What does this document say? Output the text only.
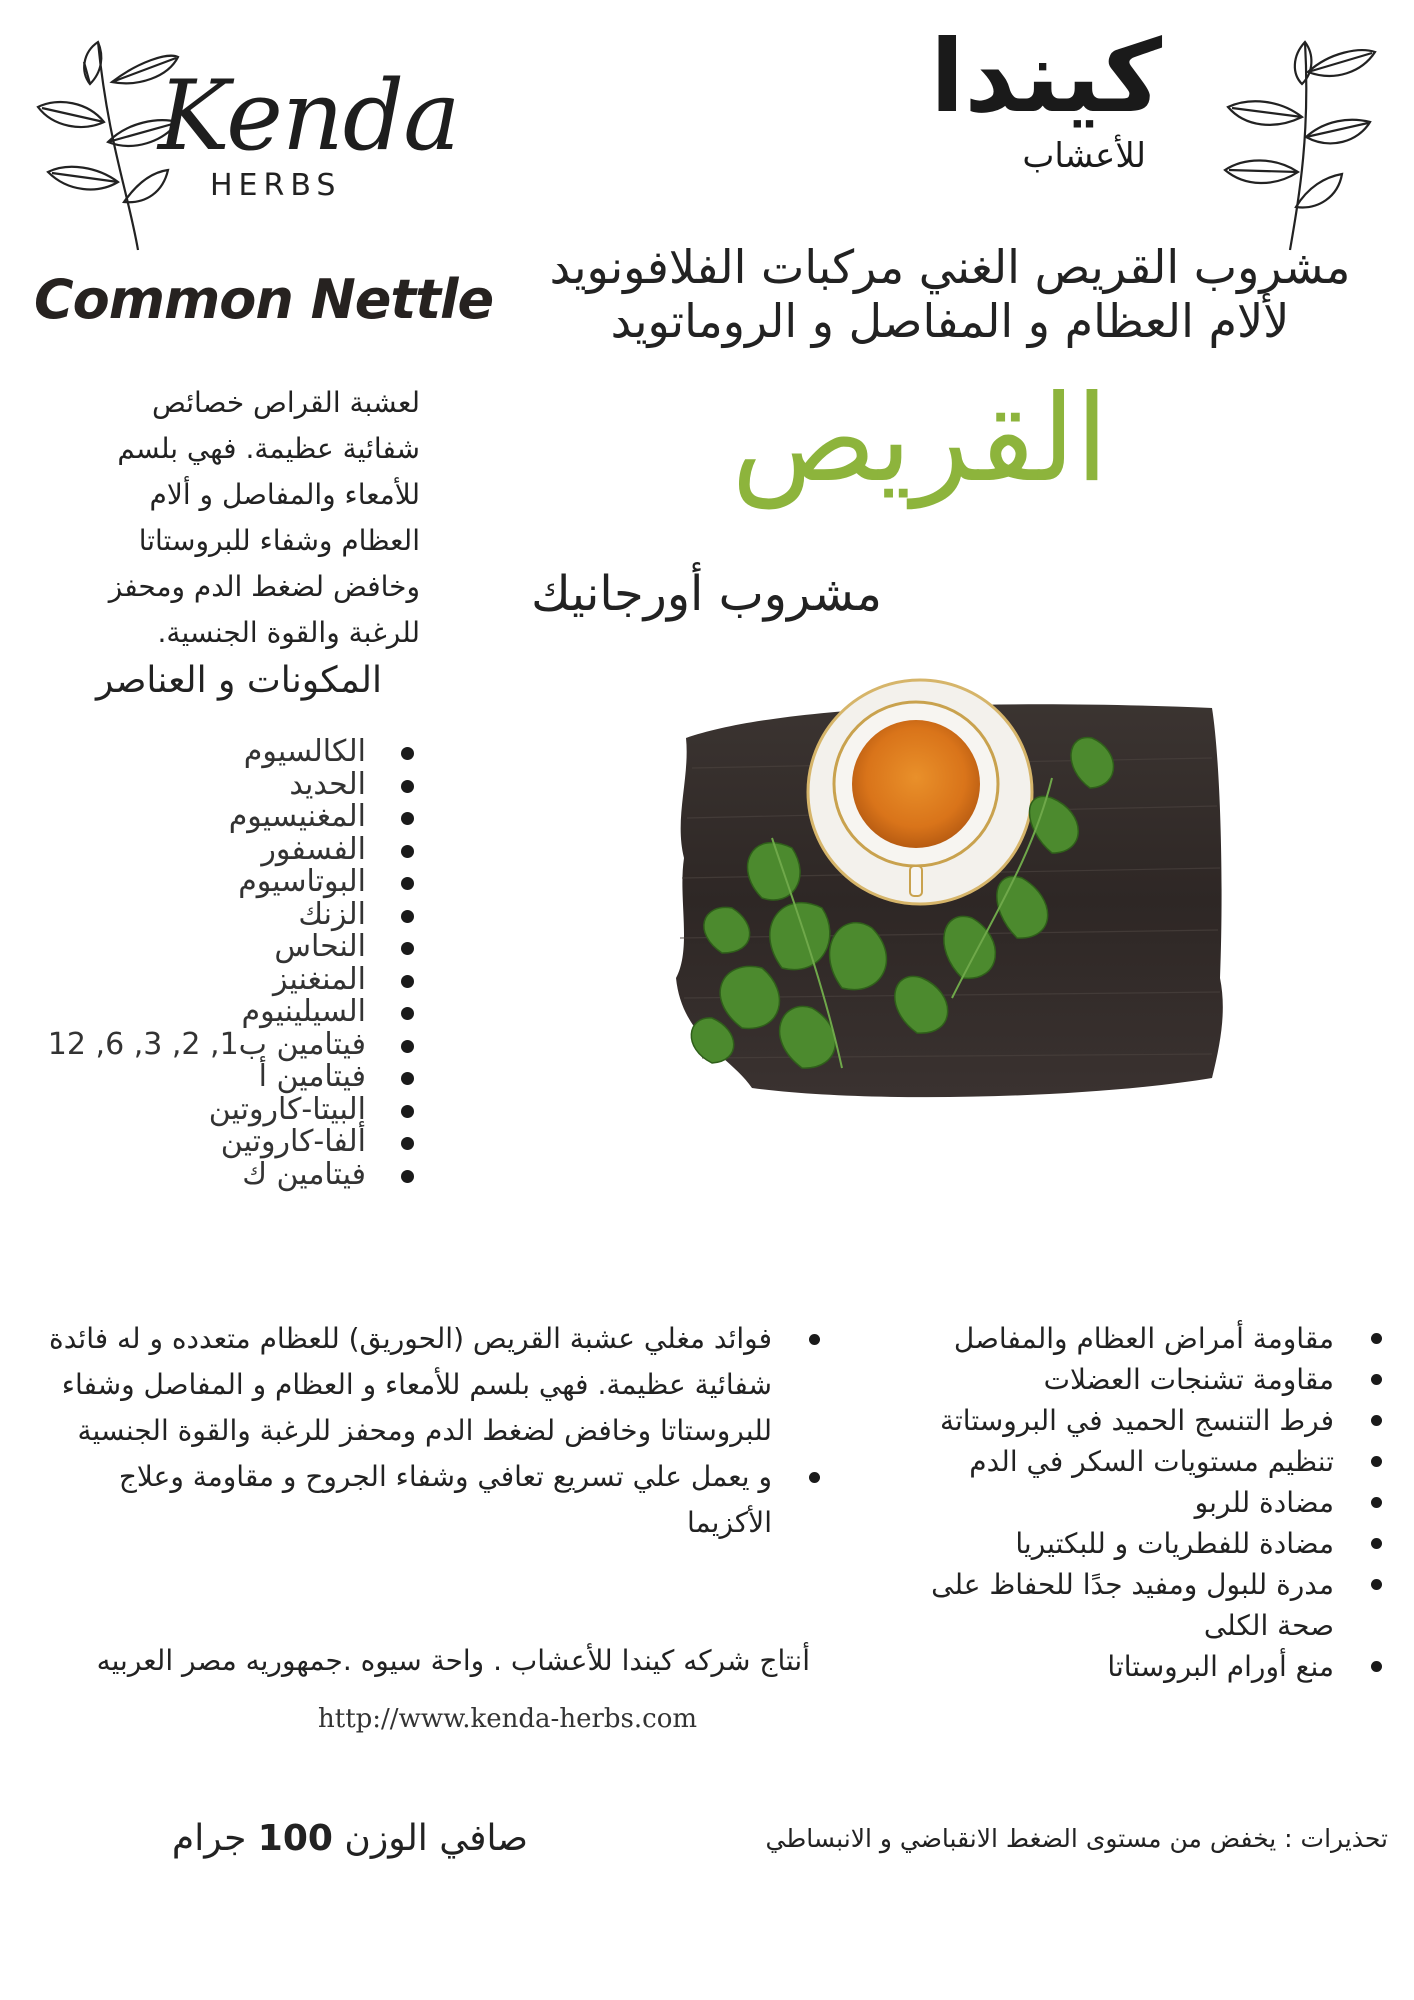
Kenda
HERBS
كيندا
للأعشاب
Common Nettle
مشروب القريص الغني مركبات الفلافونويد
لألام العظام و المفاصل و الروماتويد
القريص
مشروب أورجانيك
لعشبة القراص خصائص
شفائية عظيمة. فهي بلسم
للأمعاء والمفاصل و ألام
العظام وشفاء للبروستاتا
وخافض لضغط الدم ومحفز
للرغبة والقوة الجنسية.
المكونات و العناصر
الكالسيوم
الحديد
المغنيسيوم
الفسفور
البوتاسيوم
الزنك
النحاس
المنغنيز
السيلينيوم
فيتامين ب1, 2, 3, 6, 12
فيتامين أ
البيتا-كاروتين
ألفا-كاروتين
فيتامين ك
فوائد مغلي عشبة القريص (الحوريق) للعظام متعدده و له فائدة شفائية عظيمة. فهي بلسم للأمعاء و العظام و المفاصل وشفاء للبروستاتا وخافض لضغط الدم ومحفز للرغبة والقوة الجنسية
و يعمل علي تسريع تعافي وشفاء الجروح و مقاومة وعلاج الأكزيما
مقاومة أمراض العظام والمفاصل
مقاومة تشنجات العضلات
فرط التنسج الحميد في البروستاتة
تنظيم مستويات السكر في الدم
مضادة للربو
مضادة للفطريات و للبكتيريا
مدرة للبول ومفيد جدًا للحفاظ على صحة الكلى
منع أورام البروستاتا
أنتاج شركه كيندا للأعشاب . واحة سيوه .جمهوريه مصر العربيه
http://www.kenda-herbs.com
صافي الوزن 100 جرام	تحذيرات : يخفض من مستوى الضغط الانقباضي و الانبساطي
